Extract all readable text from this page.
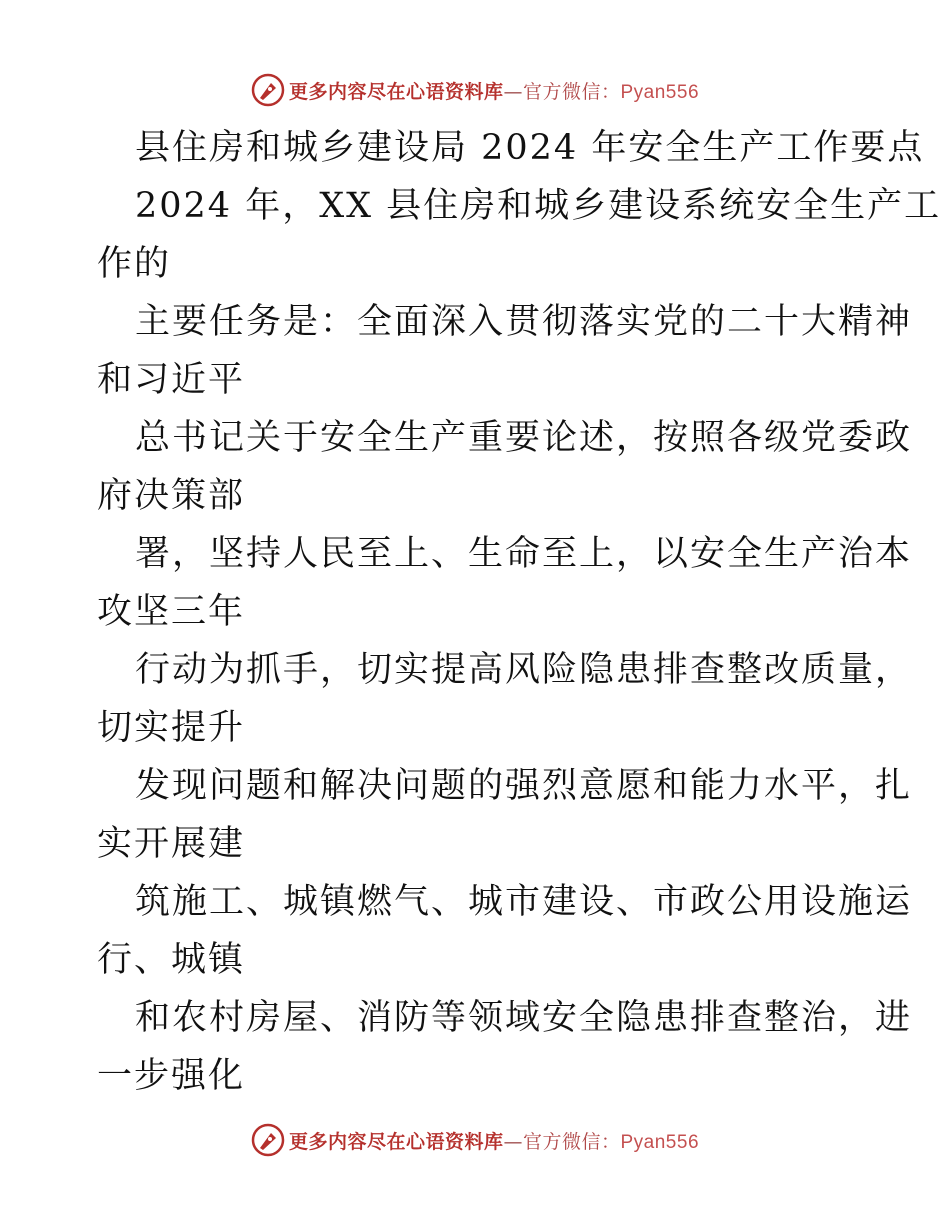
更多内容尽在心语资料库—官方微信：Pyan556
县住房和城乡建设局 2024 年安全生产工作要点
2024 年，XX 县住房和城乡建设系统安全生产工
作的
主要任务是：全面深入贯彻落实党的二十大精神
和习近平
总书记关于安全生产重要论述，按照各级党委政
府决策部
署，坚持人民至上、生命至上，以安全生产治本
攻坚三年
行动为抓手，切实提高风险隐患排查整改质量，
切实提升
发现问题和解决问题的强烈意愿和能力水平，扎
实开展建
筑施工、城镇燃气、城市建设、市政公用设施运
行、城镇
和农村房屋、消防等领域安全隐患排查整治，进
一步强化
更多内容尽在心语资料库—官方微信：Pyan556
